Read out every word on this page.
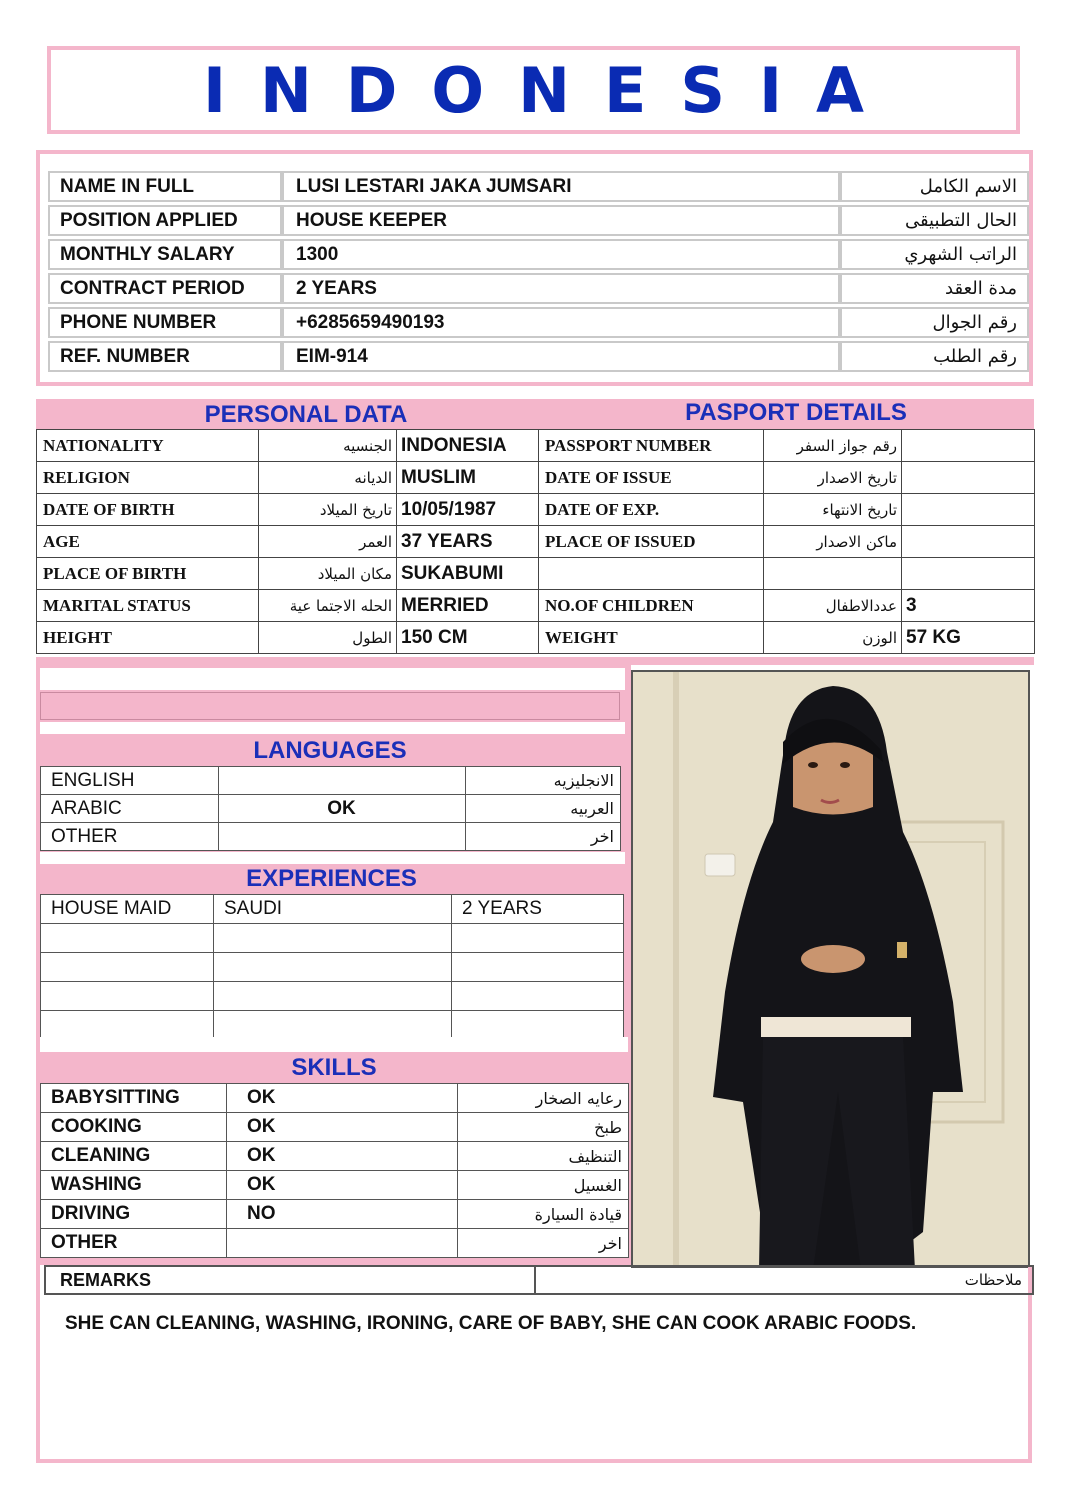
INDONESIA
NAME IN FULL	LUSI LESTARI JAKA JUMSARI	الاسم الكامل
POSITION APPLIED	HOUSE KEEPER	الحال التطبيقى
MONTHLY SALARY	1300	الراتب الشهري
CONTRACT PERIOD	2 YEARS	مدة العقد
PHONE NUMBER	+6285659490193	رقم الجوال
REF. NUMBER	EIM-914	رقم الطلب
PERSONAL DATA	PASPORT DETAILS
NATIONALITY	الجنسيه	INDONESIA	PASSPORT NUMBER	رقم جواز السفر	
RELIGION	الديانه	MUSLIM	DATE OF ISSUE	تاريخ الاصدار	
DATE OF BIRTH	تاريخ الميلاد	10/05/1987	DATE OF EXP.	تاريخ الانتهاء	
AGE	العمر	37 YEARS	PLACE OF ISSUED	ماكن الاصدار	
PLACE OF BIRTH	مكان الميلاد	SUKABUMI			
MARITAL STATUS	الحله الاجتما عية	MERRIED	NO.OF CHILDREN	عددالاطفال	3
HEIGHT	الطول	150 CM	WEIGHT	الوزن	57 KG
LANGUAGES
ENGLISH		الانجليزيه
ARABIC	OK	العربيه
OTHER		اخر
EXPERIENCES
HOUSE MAID	SAUDI	2 YEARS

SKILLS
BABYSITTING	OK	رعايه الصخار
COOKING	OK	طبخ
CLEANING	OK	التنظيف
WASHING	OK	الغسيل
DRIVING	NO	قيادة السيارة
OTHER		اخر
REMARKS	ملاحظات
SHE CAN CLEANING, WASHING, IRONING, CARE OF BABY, SHE CAN COOK ARABIC FOODS.
